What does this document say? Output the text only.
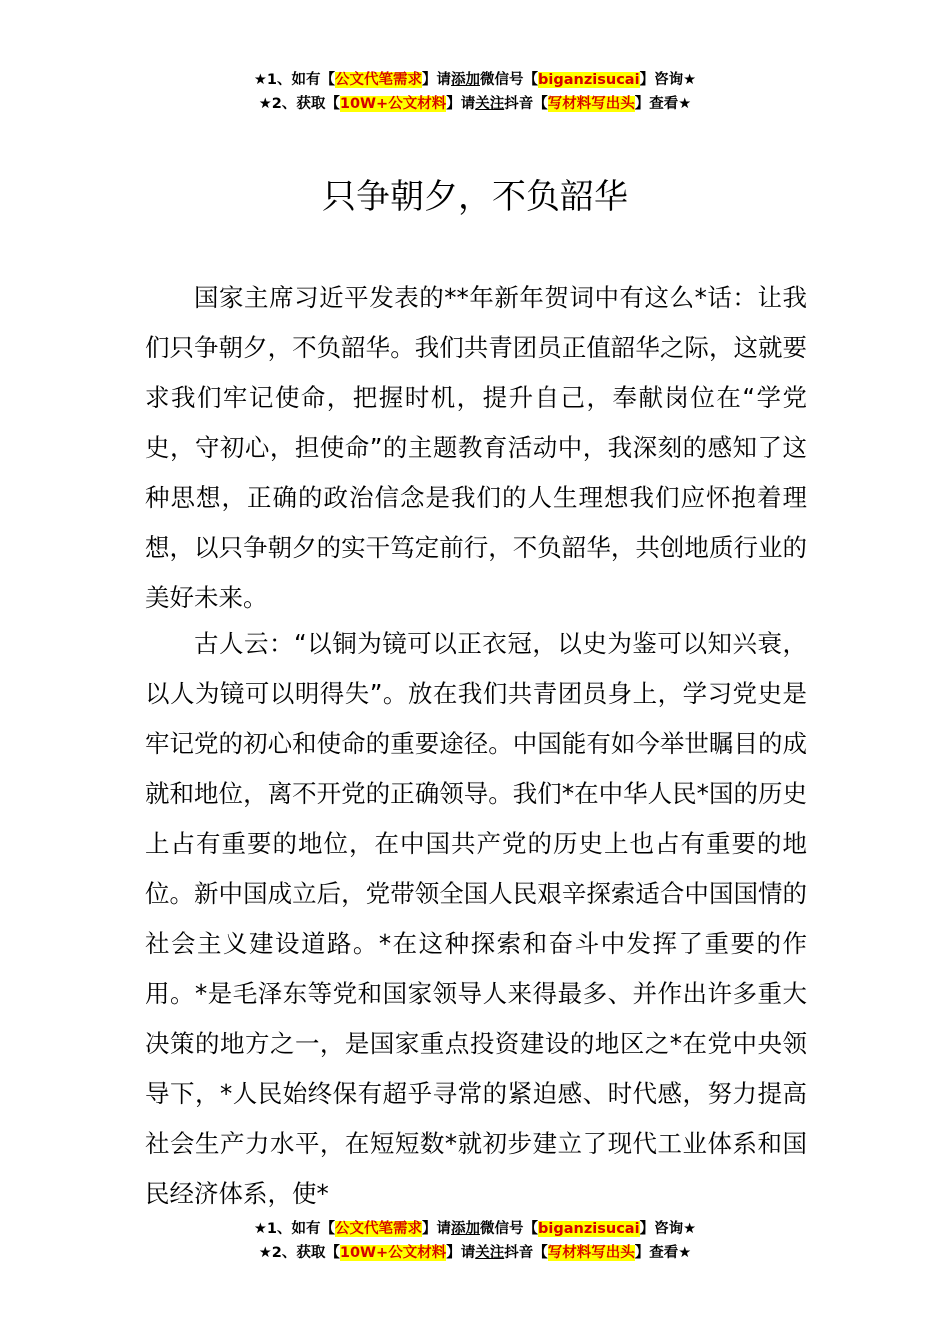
★1、如有【公文代笔需求】请添加微信号【biganzisucai】咨询★
★2、获取【10W+公文材料】请关注抖音【写材料写出头】查看★
只争朝夕，不负韶华

国家主席习近平发表的**年新年贺词中有这么*话：让我们只争朝夕，不负韶华。我们共青团员正值韶华之际，这就要求我们牢记使命，把握时机，提升自己，奉献岗位在“学党史，守初心，担使命”的主题教育活动中，我深刻的感知了这种思想，正确的政治信念是我们的人生理想我们应怀抱着理想，以只争朝夕的实干笃定前行，不负韶华，共创地质行业的美好未来。

古人云：“以铜为镜可以正衣冠，以史为鉴可以知兴衰，以人为镜可以明得失”。放在我们共青团员身上，学习党史是牢记党的初心和使命的重要途径。中国能有如今举世瞩目的成就和地位，离不开党的正确领导。我们*在中华人民*国的历史上占有重要的地位，在中国共产党的历史上也占有重要的地位。新中国成立后，党带领全国人民艰辛探索适合中国国情的社会主义建设道路。*在这种探索和奋斗中发挥了重要的作用。*是毛泽东等党和国家领导人来得最多、并作出许多重大决策的地方之一，是国家重点投资建设的地区之*在党中央领导下，*人民始终保有超乎寻常的紧迫感、时代感，努力提高社会生产力水平，在短短数*就初步建立了现代工业体系和国民经济体系，使*

★1、如有【公文代笔需求】请添加微信号【biganzisucai】咨询★
★2、获取【10W+公文材料】请关注抖音【写材料写出头】查看★
